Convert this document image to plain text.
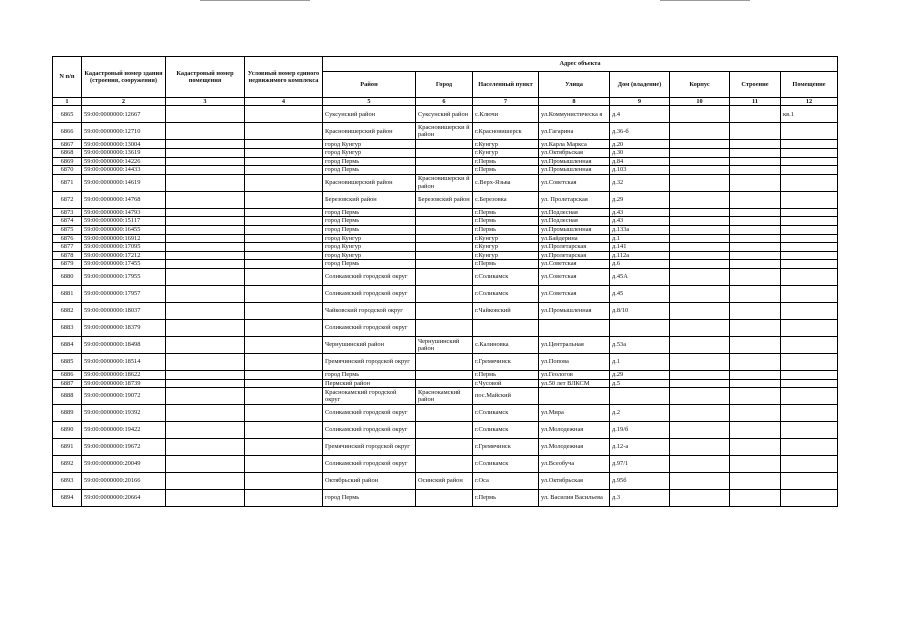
N п/п	Кадастровый номер здания (строения, сооружения)	Кадастровый номер помещения	Условный номер единого недвижимого комплекса	Адрес объекта							
				Район	Город	Населенный пункт	Улица	Дом (владение)	Корпус	Строение	Помещение
1	2	3	4	5	6	7	8	9	10	11	12
6865	59:00:0000000:12667			Суксунский район	Суксунский район	с.Ключи	ул.Коммунистическа я	д.4			кв.1
6866	59:00:0000000:12710			Красновишерский район	Красновишерски й район	г.Красновишерск	ул.Гагарина	д.36-б			
6867	59:00:0000000:13004			город Кунгур		г.Кунгур	ул.Карла Маркса	д.20			
6868	59:00:0000000:13619			город Кунгур		г.Кунгур	ул.Октябрьская	д.30			
6869	59:00:0000000:14226			город Пермь		г.Пермь	ул.Промышленная	д.84			
6870	59:00:0000000:14433			город Пермь		г.Пермь	ул.Промышленная	д.103			
6871	59:00:0000000:14619			Красновишерский район	Красновишерски й район	с.Верх-Язьва	ул.Советская	д.32			
6872	59:00:0000000:14768			Березовский район	Березовский район	с.Березовка	ул. Пролетарская	д.29			
6873	59:00:0000000:14793			город Пермь		г.Пермь	ул.Подлесная	д.43			
6874	59:00:0000000:15117			город Пермь		г.Пермь	ул.Подлесная	д.43			
6875	59:00:0000000:16455			город Пермь		г.Пермь	ул.Промышленная	д.133а			
6876	59:00:0000000:16912			город Кунгур		г.Кунгур	ул.Байдерина	д.1			
6877	59:00:0000000:17095			город Кунгур		г.Кунгур	ул.Пролетарская	д.141			
6878	59:00:0000000:17212			город Кунгур		г.Кунгур	ул.Пролетарская	д.112а			
6879	59:00:0000000:17455			город Пермь		г.Пермь	ул.Советская	д.6			
6880	59:00:0000000:17955			Соликамский городской округ		г.Соликамск	ул.Советская	д.45А			
6881	59:00:0000000:17957			Соликамский городской округ		г.Соликамск	ул.Советская	д.45			
6882	59:00:0000000:18037			Чайковский городской округ		г.Чайковский	ул.Промышленная	д.8/10			
6883	59:00:0000000:18379			Соликамский городской округ							
6884	59:00:0000000:18498			Чернушинский район	Чернушинский район	с.Калиновка	ул.Центральная	д.53а			
6885	59:00:0000000:18514			Гремячинский городской округ		г.Гремячинск	ул.Попова	д.1			
6886	59:00:0000000:18622			город Пермь		г.Пермь	ул.Геологов	д.29			
6887	59:00:0000000:18739			Пермский район		г.Чусовой	ул.50 лет ВЛКСМ	д.5			
6888	59:00:0000000:19072			Краснокамский городской округ	Краснокамский район	пос.Майский					
6889	59:00:0000000:19392			Соликамский городской округ		г.Соликамск	ул.Мира	д.2			
6890	59:00:0000000:19422			Соликамский городской округ		г.Соликамск	ул.Молодежная	д.19/б			
6891	59:00:0000000:19672			Гремячинский городской округ		г.Гремячинск	ул.Молодежная	д.12-а			
6892	59:00:0000000:20049			Соликамский городской округ		г.Соликамск	ул.Всеобуча	д.97/1			
6893	59:00:0000000:20166			Октябрьский район	Осинский район	г.Оса	ул.Октябрьская	д.95б			
6894	59:00:0000000:20664			город Пермь		г.Пермь	ул. Василия Васильева	д.3			
